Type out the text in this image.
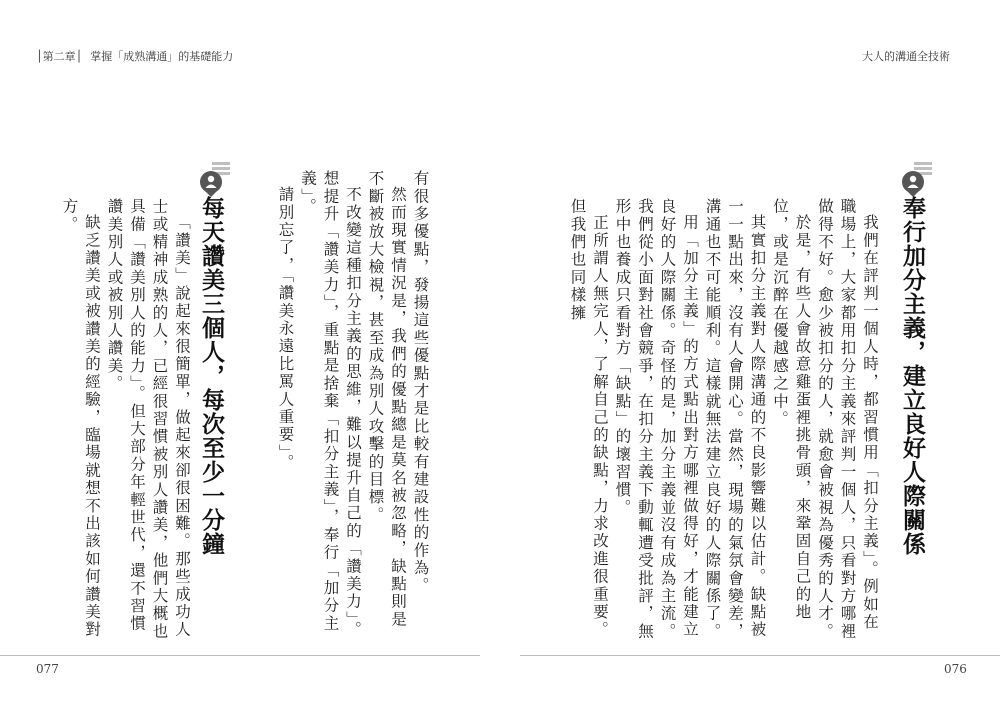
│第二章│ 掌握「成熟溝通」的基礎能力	大人的溝通全技術
奉行加分主義，建立良好人際關係

我們在評判一個人時，都習慣用「扣分主義」。例如在職場上，大家都用扣分主義來評判一個人，只看對方哪裡做得不好。愈少被扣分的人，就愈會被視為優秀的人才。

於是，有些人會故意雞蛋裡挑骨頭，來鞏固自己的地位，或是沉醉在優越感之中。

其實扣分主義對人際溝通的不良影響難以估計。缺點被一一點出來，沒有人會開心。當然，現場的氣氛會變差，溝通也不可能順利。這樣就無法建立良好的人際關係了。

用「加分主義」的方式點出對方哪裡做得好，才能建立良好的人際關係。奇怪的是，加分主義並沒有成為主流。我們從小面對社會競爭，在扣分主義下動輒遭受批評，無形中也養成只看對方「缺點」的壞習慣。

正所謂人無完人，了解自己的缺點，力求改進很重要。但我們也同樣擁

076

有很多優點，發揚這些優點才是比較有建設性的作為。

然而現實情況是，我們的優點總是莫名被忽略，缺點則是不斷被放大檢視，甚至成為別人攻擊的目標。

不改變這種扣分主義的思維，難以提升自己的「讚美力」。想提升「讚美力」，重點是捨棄「扣分主義」，奉行「加分主義」。

請別忘了，「讚美永遠比罵人重要」。

每天讚美三個人，每次至少一分鐘

「讚美」說起來很簡單，做起來卻很困難。那些成功人士或精神成熟的人，已經很習慣被別人讚美，他們大概也具備「讚美別人的能力」。但大部分年輕世代，還不習慣讚美別人或被別人讚美。

缺乏讚美或被讚美的經驗，臨場就想不出該如何讚美對方。

077
